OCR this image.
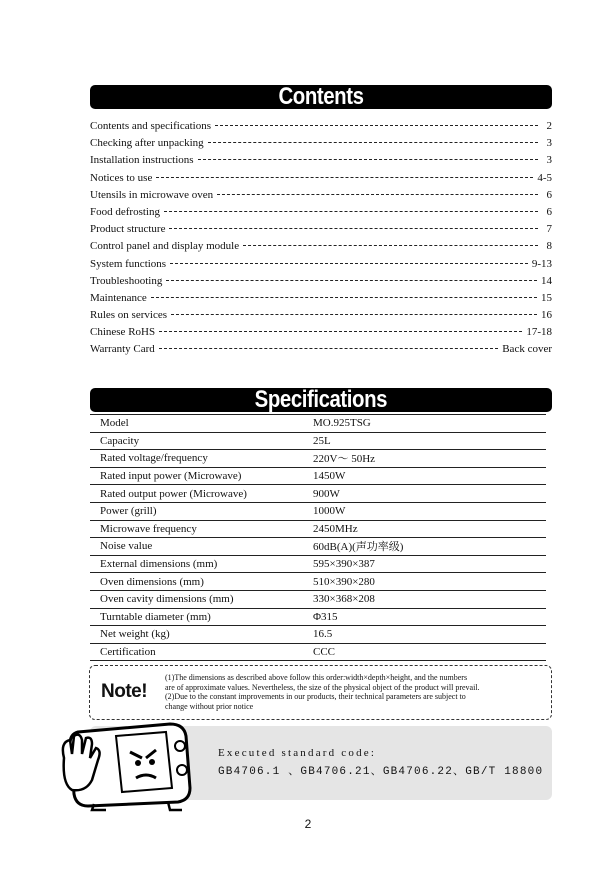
Contents
Contents and specifications	2
Checking after unpacking	3
Installation instructions	3
Notices to use	4-5
Utensils in microwave oven	6
Food defrosting	6
Product structure	7
Control panel and display module	8
System functions	9-13
Troubleshooting	14
Maintenance	15
Rules on services	16
Chinese RoHS	17-18
Warranty Card	Back cover
Specifications
Model	MO.925TSG
Capacity	25L
Rated voltage/frequency	220V～ 50Hz
Rated input power (Microwave)	1450W
Rated output power (Microwave)	900W
Power (grill)	1000W
Microwave frequency	2450MHz
Noise value	60dB(A)(声功率级)
External dimensions (mm)	595×390×387
Oven dimensions (mm)	510×390×280
Oven cavity dimensions (mm)	330×368×208
Turntable diameter (mm)	Φ315
Net weight (kg)	16.5
Certification	CCC
Note!
(1)The dimensions as described above follow this order:width×depth×height, and the numbers
are of approximate values. Nevertheless, the size of the physical object of the product will prevail.
(2)Due to the constant improvements in our products, their technical parameters are subject to
change without prior notice
Executed standard code:
GB4706.1 、GB4706.21、GB4706.22、GB/T 18800
2
